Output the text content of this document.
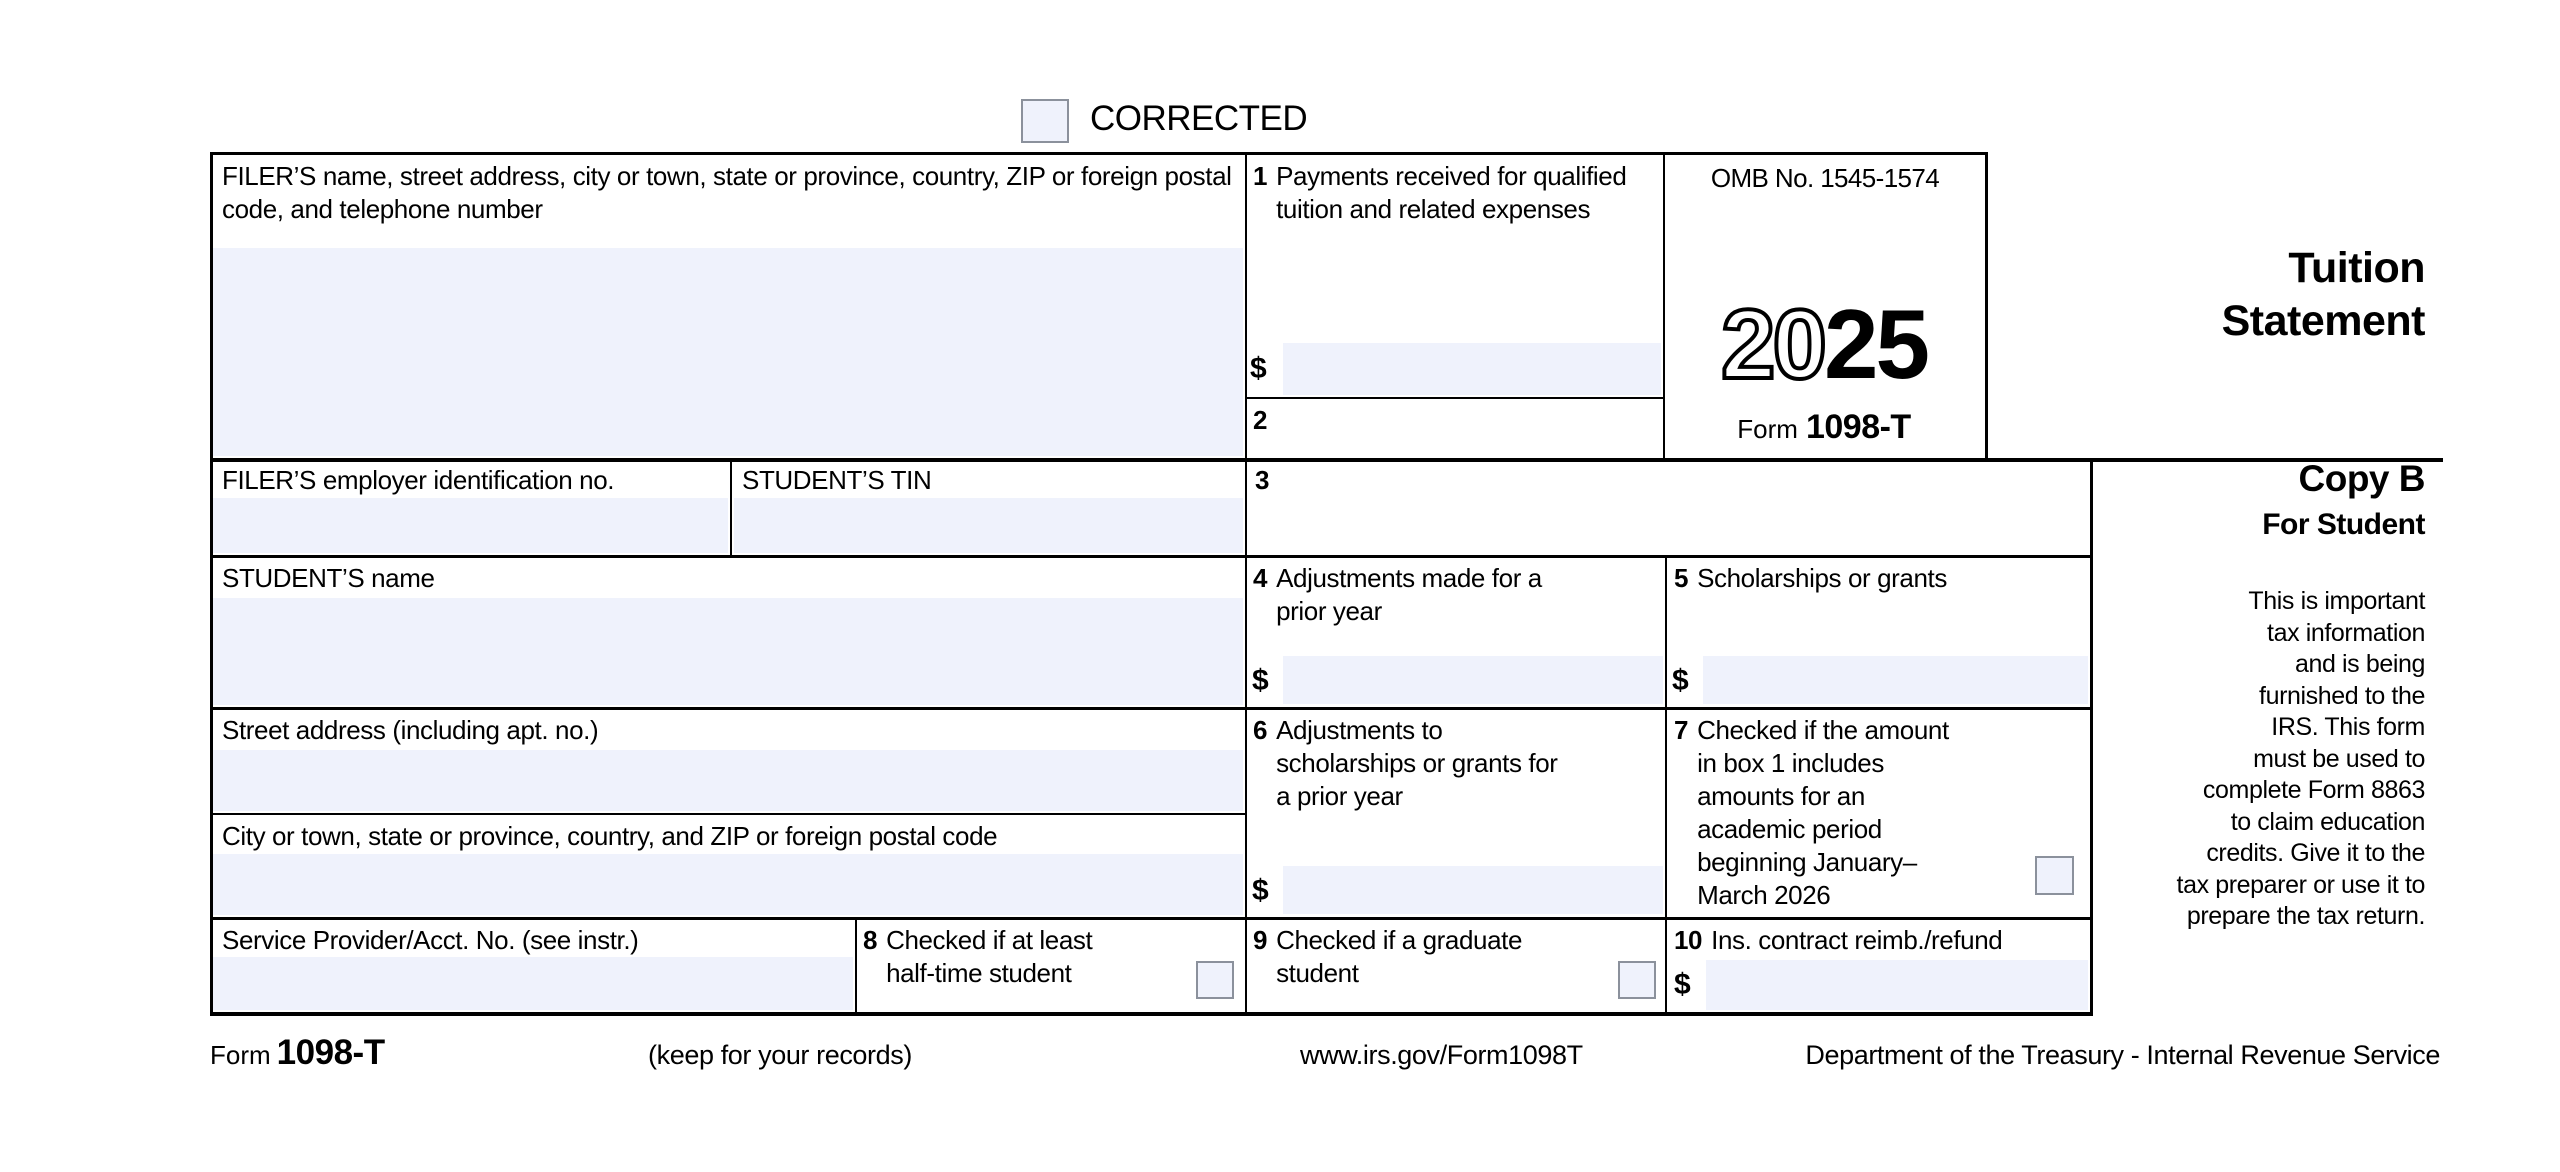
CORRECTED
FILER’S name, street address, city or town, state or province, country, ZIP or foreign postal code, and telephone number
1 Payments received for qualified tuition and related expenses
$
2
OMB No. 1545-1574
2025
Form 1098-T
Tuition
Statement
FILER’S employer identification no.	STUDENT’S TIN	3	Copy B
For Student
STUDENT’S name	4 Adjustments made for a prior year
$
5 Scholarships or grants
$
Street address (including apt. no.)	6 Adjustments to scholarships or grants for a prior year
$
7 Checked if the amount in box 1 includes amounts for an academic period beginning January–March 2026
City or town, state or province, country, and ZIP or foreign postal code
Service Provider/Acct. No. (see instr.)	8 Checked if at least half-time student
9 Checked if a graduate student
10 Ins. contract reimb./refund
$
This is important
tax information
and is being
furnished to the
IRS. This form
must be used to
complete Form 8863
to claim education
credits. Give it to the
tax preparer or use it to
prepare the tax return.
Form 1098-T	(keep for your records)	www.irs.gov/Form1098T	Department of the Treasury - Internal Revenue Service
